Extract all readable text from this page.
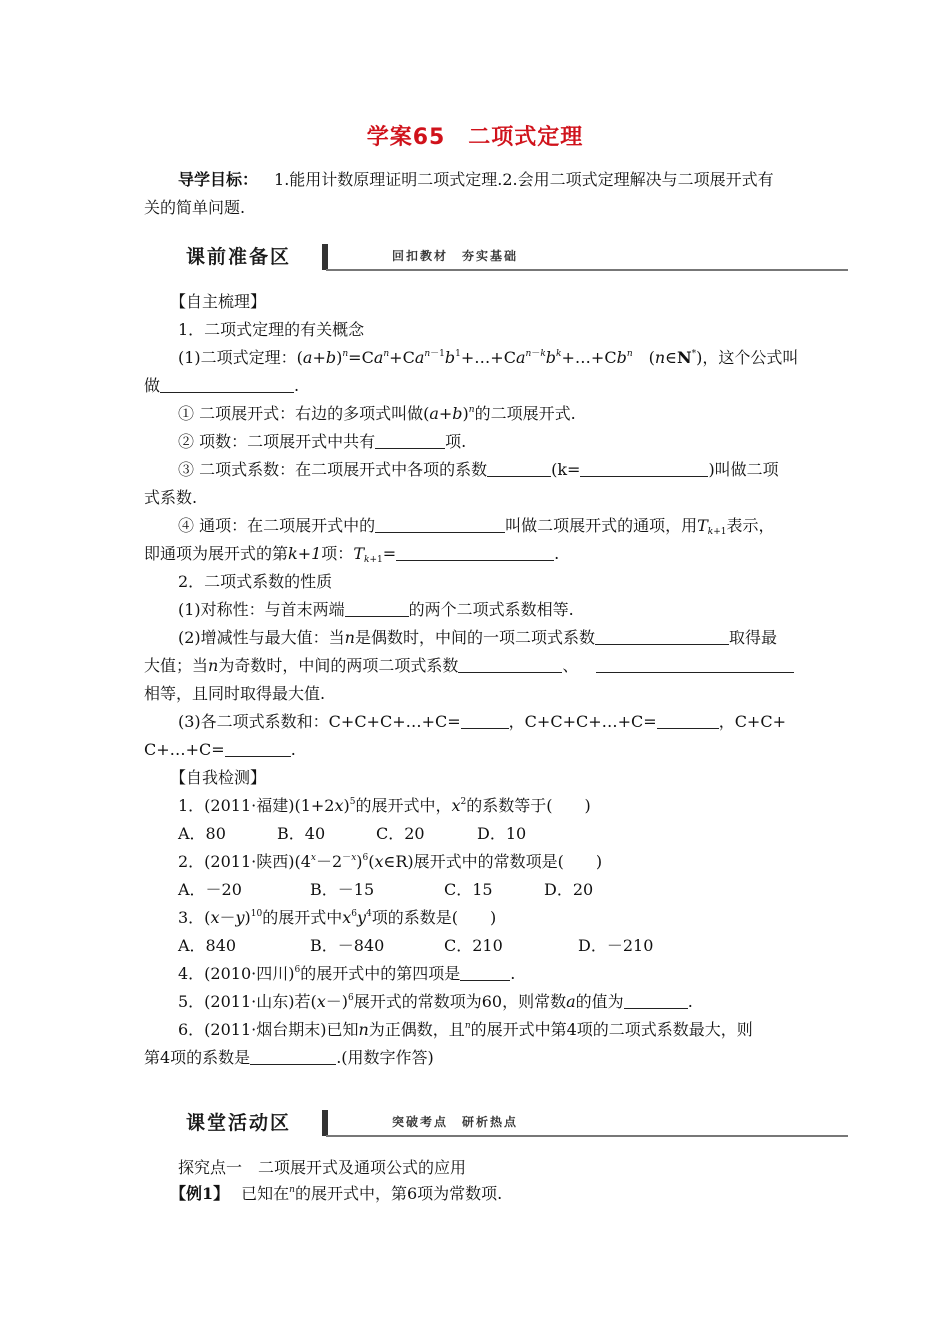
学案65　二项式定理
导学目标： 1.能用计数原理证明二项式定理.2.会用二项式定理解决与二项展开式有
关的简单问题.
课前准备区	回扣教材　夯实基础
【自主梳理】
1．二项式定理的有关概念
(1)二项式定理：$(a+b)^n=Ca^n+Ca^{n-1}b^1+\dots+Ca^{n-k}b^k+\dots+Cb^n$　(n∈N*)，这个公式叫
做	.
① 二项展开式：右边的多项式叫做$(a+b)^n$的二项展开式.
② 项数：二项展开式中共有	项.
③ 二项式系数：在二项展开式中各项的系数	(k=	)叫做二项
式系数.
④ 通项：在二项展开式中的	叫做二项展开式的通项，用$T_{k+1}$表示，
即通项为展开式的第k+1项：$T_{k+1}=$	.
2．二项式系数的性质
(1)对称性：与首末两端	的两个二项式系数相等.
(2)增减性与最大值：当n是偶数时，中间的一项二项式系数	取得最
大值；当n为奇数时，中间的两项二项式系数	、
相等，且同时取得最大值.
(3)各二项式系数和：C+C+C+…+C=	，C+C+C+…+C=	，C+C+
C+…+C=	.
【自我检测】
1．(2011·福建)$(1+2x)^5$的展开式中，$x^2$的系数等于(　　)
A．80	B．40	C．20	D．10
2．(2011·陕西)$(4^x-2^{-x})^6(x\in R)$展开式中的常数项是(　　)
A．－20	B．－15	C．15	D．20
3．$(x-y)^{10}$的展开式中$x^6y^4$项的系数是(　　)
A．840	B．－840	C．210	D．－210
4．(2010·四川)$^6$的展开式中的第四项是	.
5．(2011·山东)若$(x-)^6$展开式的常数项为60，则常数a的值为	.
6．(2011·烟台期末)已知n为正偶数，且$^n$的展开式中第4项的二项式系数最大，则
第4项的系数是	.(用数字作答)
课堂活动区	突破考点　研析热点
探究点一　二项展开式及通项公式的应用
【例1】 已知在$^n$的展开式中，第6项为常数项.
